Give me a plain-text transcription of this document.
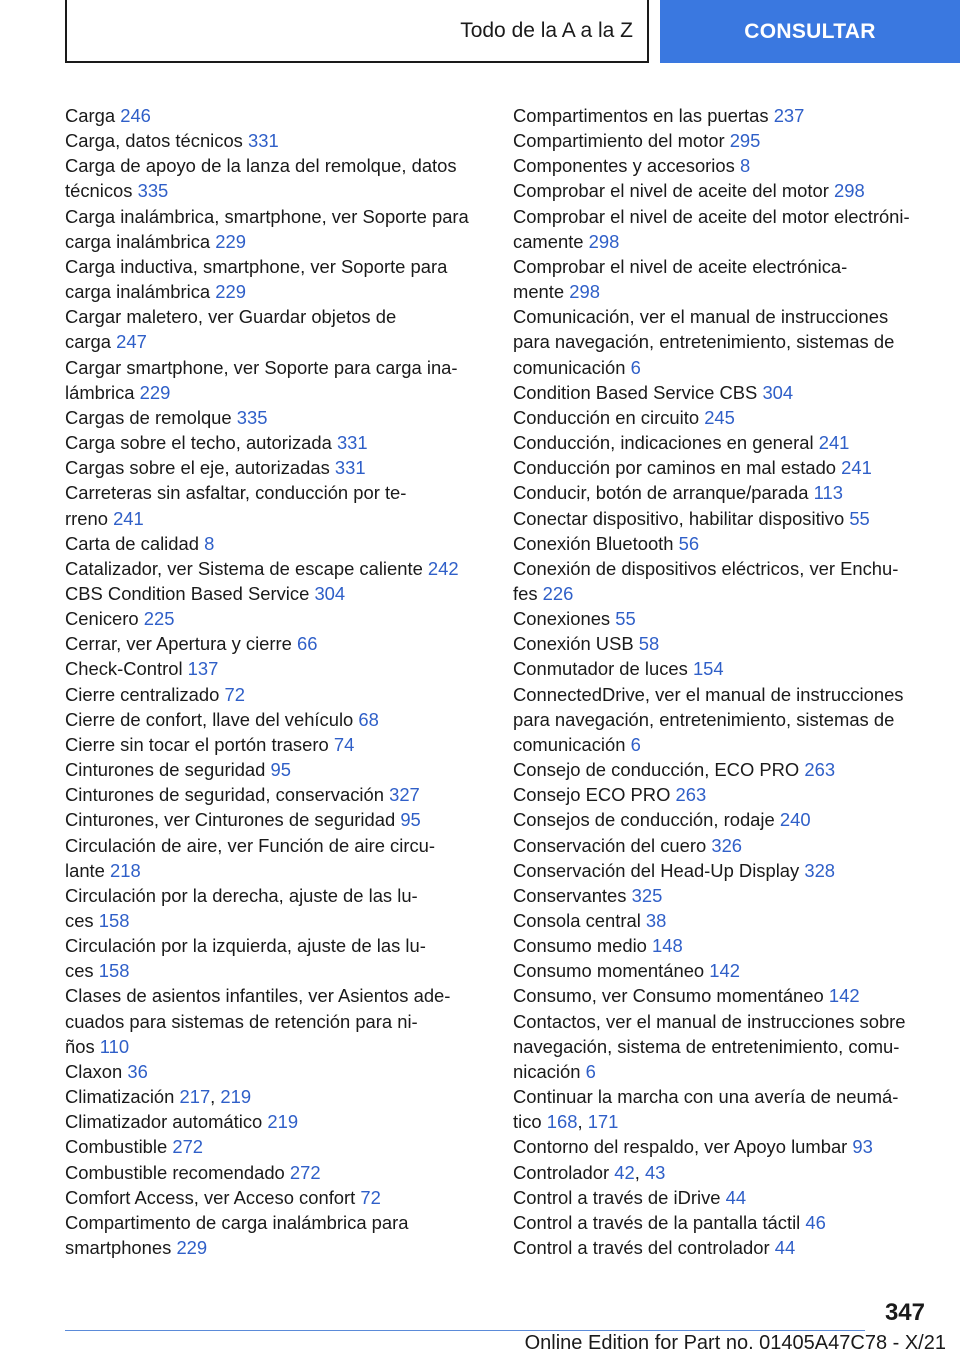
Todo de la A a la Z	CONSULTAR
Carga 246
Carga, datos técnicos 331
Carga de apoyo de la lanza del remolque, datos
técnicos 335
Carga inalámbrica, smartphone, ver Soporte para
carga inalámbrica 229
Carga inductiva, smartphone, ver Soporte para
carga inalámbrica 229
Cargar maletero, ver Guardar objetos de
carga 247
Cargar smartphone, ver Soporte para carga ina-
lámbrica 229
Cargas de remolque 335
Carga sobre el techo, autorizada 331
Cargas sobre el eje, autorizadas 331
Carreteras sin asfaltar, conducción por te-
rreno 241
Carta de calidad 8
Catalizador, ver Sistema de escape caliente 242
CBS Condition Based Service 304
Cenicero 225
Cerrar, ver Apertura y cierre 66
Check-Control 137
Cierre centralizado 72
Cierre de confort, llave del vehículo 68
Cierre sin tocar el portón trasero 74
Cinturones de seguridad 95
Cinturones de seguridad, conservación 327
Cinturones, ver Cinturones de seguridad 95
Circulación de aire, ver Función de aire circu-
lante 218
Circulación por la derecha, ajuste de las lu-
ces 158
Circulación por la izquierda, ajuste de las lu-
ces 158
Clases de asientos infantiles, ver Asientos ade-
cuados para sistemas de retención para ni-
ños 110
Claxon 36
Climatización 217, 219
Climatizador automático 219
Combustible 272
Combustible recomendado 272
Comfort Access, ver Acceso confort 72
Compartimento de carga inalámbrica para
smartphones 229
Compartimentos en las puertas 237
Compartimiento del motor 295
Componentes y accesorios 8
Comprobar el nivel de aceite del motor 298
Comprobar el nivel de aceite del motor electróni-
camente 298
Comprobar el nivel de aceite electrónica-
mente 298
Comunicación, ver el manual de instrucciones
para navegación, entretenimiento, sistemas de
comunicación 6
Condition Based Service CBS 304
Conducción en circuito 245
Conducción, indicaciones en general 241
Conducción por caminos en mal estado 241
Conducir, botón de arranque/parada 113
Conectar dispositivo, habilitar dispositivo 55
Conexión Bluetooth 56
Conexión de dispositivos eléctricos, ver Enchu-
fes 226
Conexiones 55
Conexión USB 58
Conmutador de luces 154
ConnectedDrive, ver el manual de instrucciones
para navegación, entretenimiento, sistemas de
comunicación 6
Consejo de conducción, ECO PRO 263
Consejo ECO PRO 263
Consejos de conducción, rodaje 240
Conservación del cuero 326
Conservación del Head-Up Display 328
Conservantes 325
Consola central 38
Consumo medio 148
Consumo momentáneo 142
Consumo, ver Consumo momentáneo 142
Contactos, ver el manual de instrucciones sobre
navegación, sistema de entretenimiento, comu-
nicación 6
Continuar la marcha con una avería de neumá-
tico 168, 171
Contorno del respaldo, ver Apoyo lumbar 93
Controlador 42, 43
Control a través de iDrive 44
Control a través de la pantalla táctil 46
Control a través del controlador 44
347
Online Edition for Part no. 01405A47C78 - X/21
